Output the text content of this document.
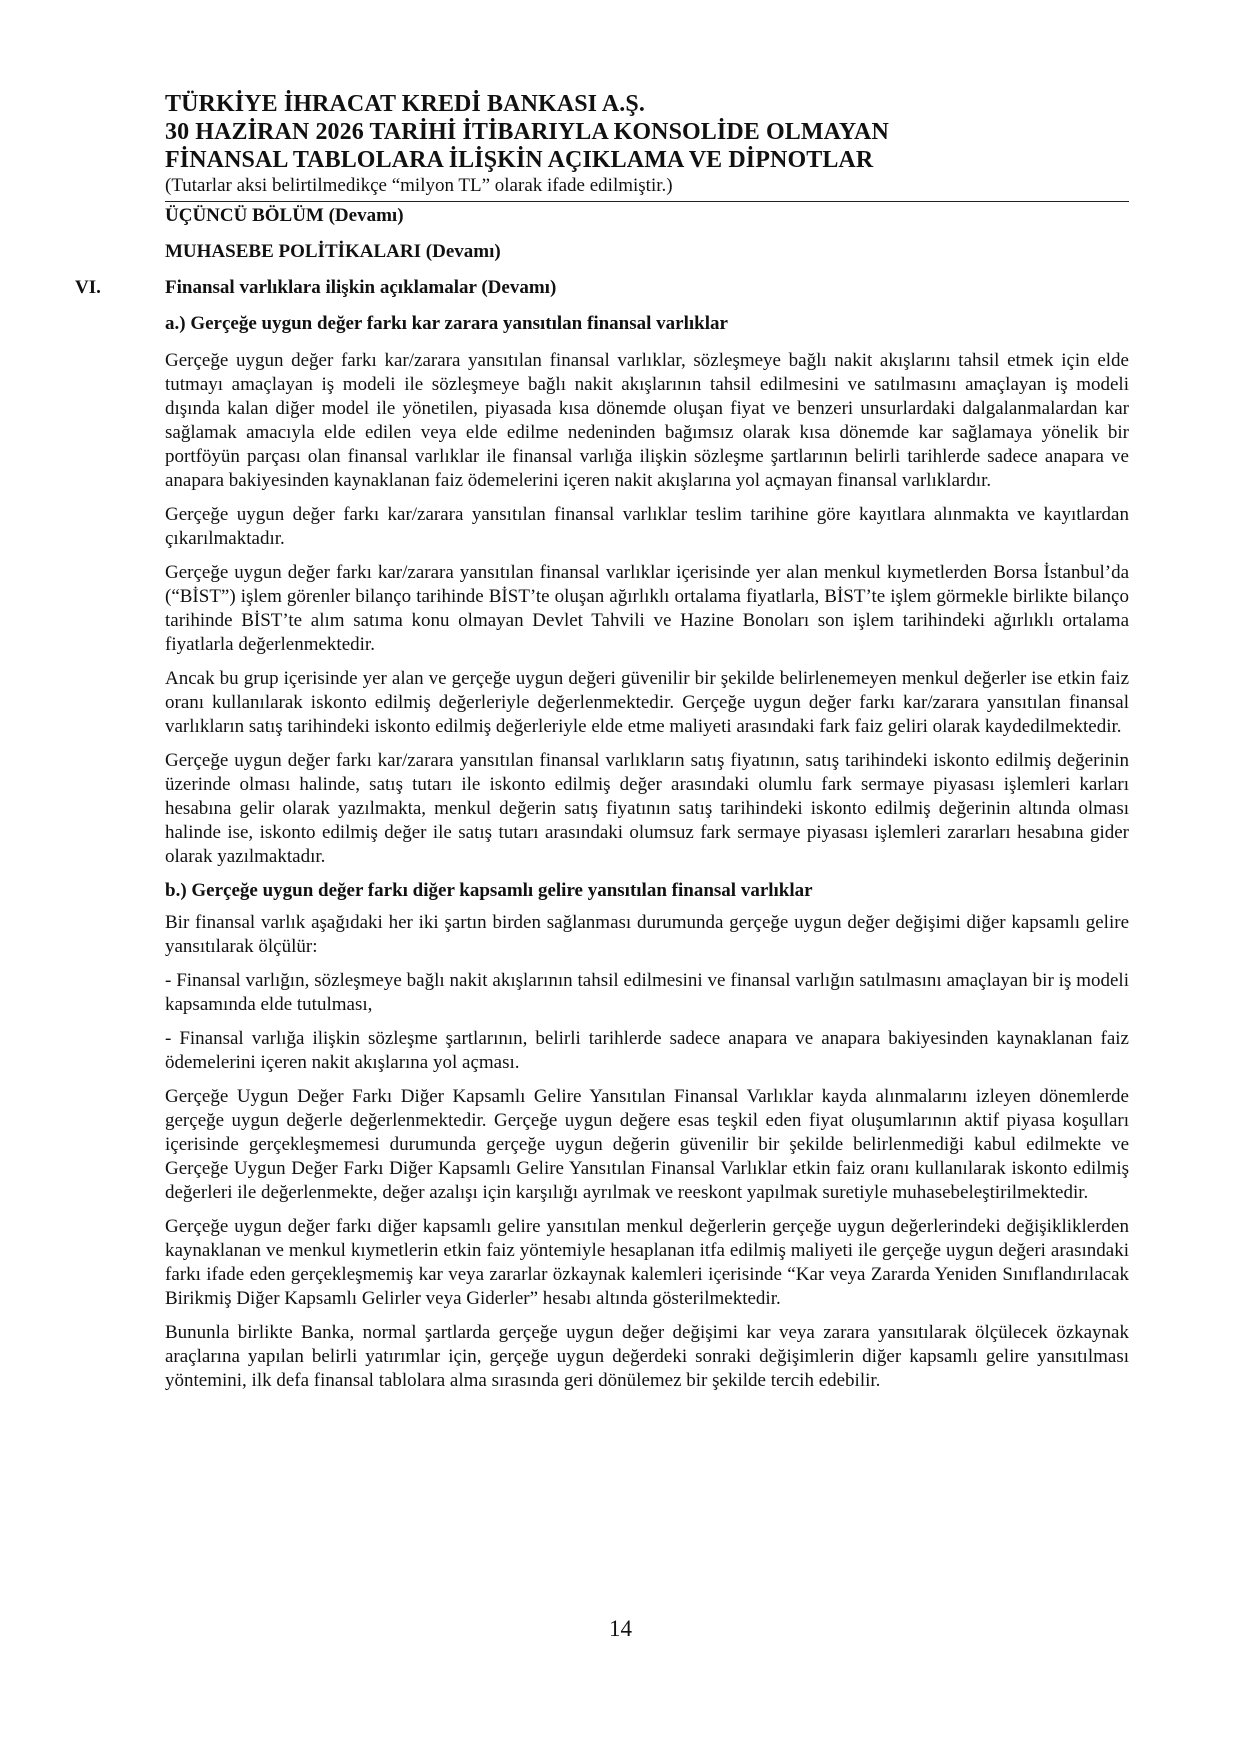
TÜRKİYE İHRACAT KREDİ BANKASI A.Ş.

30 HAZİRAN 2026 TARİHİ İTİBARIYLA KONSOLİDE OLMAYAN

FİNANSAL TABLOLARA İLİŞKİN AÇIKLAMA VE DİPNOTLAR

(Tutarlar aksi belirtilmedikçe “milyon TL” olarak ifade edilmiştir.)

ÜÇÜNCÜ BÖLÜM (Devamı)
MUHASEBE POLİTİKALARI (Devamı)
VI.	Finansal varlıklara ilişkin açıklamalar (Devamı)
a.) Gerçeğe uygun değer farkı kar zarara yansıtılan finansal varlıklar

Gerçeğe uygun değer farkı kar/zarara yansıtılan finansal varlıklar, sözleşmeye bağlı nakit akışlarını tahsil etmek için elde tutmayı amaçlayan iş modeli ile sözleşmeye bağlı nakit akışlarının tahsil edilmesini ve satılmasını amaçlayan iş modeli dışında kalan diğer model ile yönetilen, piyasada kısa dönemde oluşan fiyat ve benzeri unsurlardaki dalgalanmalardan kar sağlamak amacıyla elde edilen veya elde edilme nedeninden bağımsız olarak kısa dönemde kar sağlamaya yönelik bir portföyün parçası olan finansal varlıklar ile finansal varlığa ilişkin sözleşme şartlarının belirli tarihlerde sadece anapara ve anapara bakiyesinden kaynaklanan faiz ödemelerini içeren nakit akışlarına yol açmayan finansal varlıklardır.

Gerçeğe uygun değer farkı kar/zarara yansıtılan finansal varlıklar teslim tarihine göre kayıtlara alınmakta ve kayıtlardan çıkarılmaktadır.

Gerçeğe uygun değer farkı kar/zarara yansıtılan finansal varlıklar içerisinde yer alan menkul kıymetlerden Borsa İstanbul’da (“BİST”) işlem görenler bilanço tarihinde BİST’te oluşan ağırlıklı ortalama fiyatlarla, BİST’te işlem görmekle birlikte bilanço tarihinde BİST’te alım satıma konu olmayan Devlet Tahvili ve Hazine Bonoları son işlem tarihindeki ağırlıklı ortalama fiyatlarla değerlenmektedir.

Ancak bu grup içerisinde yer alan ve gerçeğe uygun değeri güvenilir bir şekilde belirlenemeyen menkul değerler ise etkin faiz oranı kullanılarak iskonto edilmiş değerleriyle değerlenmektedir. Gerçeğe uygun değer farkı kar/zarara yansıtılan finansal varlıkların satış tarihindeki iskonto edilmiş değerleriyle elde etme maliyeti arasındaki fark faiz geliri olarak kaydedilmektedir.

Gerçeğe uygun değer farkı kar/zarara yansıtılan finansal varlıkların satış fiyatının, satış tarihindeki iskonto edilmiş değerinin üzerinde olması halinde, satış tutarı ile iskonto edilmiş değer arasındaki olumlu fark sermaye piyasası işlemleri karları hesabına gelir olarak yazılmakta, menkul değerin satış fiyatının satış tarihindeki iskonto edilmiş değerinin altında olması halinde ise, iskonto edilmiş değer ile satış tutarı arasındaki olumsuz fark sermaye piyasası işlemleri zararları hesabına gider olarak yazılmaktadır.

b.) Gerçeğe uygun değer farkı diğer kapsamlı gelire yansıtılan finansal varlıklar

Bir finansal varlık aşağıdaki her iki şartın birden sağlanması durumunda gerçeğe uygun değer değişimi diğer kapsamlı gelire yansıtılarak ölçülür:

- Finansal varlığın, sözleşmeye bağlı nakit akışlarının tahsil edilmesini ve finansal varlığın satılmasını amaçlayan bir iş modeli kapsamında elde tutulması,

- Finansal varlığa ilişkin sözleşme şartlarının, belirli tarihlerde sadece anapara ve anapara bakiyesinden kaynaklanan faiz ödemelerini içeren nakit akışlarına yol açması.

Gerçeğe Uygun Değer Farkı Diğer Kapsamlı Gelire Yansıtılan Finansal Varlıklar kayda alınmalarını izleyen dönemlerde gerçeğe uygun değerle değerlenmektedir. Gerçeğe uygun değere esas teşkil eden fiyat oluşumlarının aktif piyasa koşulları içerisinde gerçekleşmemesi durumunda gerçeğe uygun değerin güvenilir bir şekilde belirlenmediği kabul edilmekte ve Gerçeğe Uygun Değer Farkı Diğer Kapsamlı Gelire Yansıtılan Finansal Varlıklar etkin faiz oranı kullanılarak iskonto edilmiş değerleri ile değerlenmekte, değer azalışı için karşılığı ayrılmak ve reeskont yapılmak suretiyle muhasebeleştirilmektedir.

Gerçeğe uygun değer farkı diğer kapsamlı gelire yansıtılan menkul değerlerin gerçeğe uygun değerlerindeki değişikliklerden kaynaklanan ve menkul kıymetlerin etkin faiz yöntemiyle hesaplanan itfa edilmiş maliyeti ile gerçeğe uygun değeri arasındaki farkı ifade eden gerçekleşmemiş kar veya zararlar özkaynak kalemleri içerisinde “Kar veya Zararda Yeniden Sınıflandırılacak Birikmiş Diğer Kapsamlı Gelirler veya Giderler” hesabı altında gösterilmektedir.

Bununla birlikte Banka, normal şartlarda gerçeğe uygun değer değişimi kar veya zarara yansıtılarak ölçülecek özkaynak araçlarına yapılan belirli yatırımlar için, gerçeğe uygun değerdeki sonraki değişimlerin diğer kapsamlı gelire yansıtılması yöntemini, ilk defa finansal tablolara alma sırasında geri dönülemez bir şekilde tercih edebilir.

14
